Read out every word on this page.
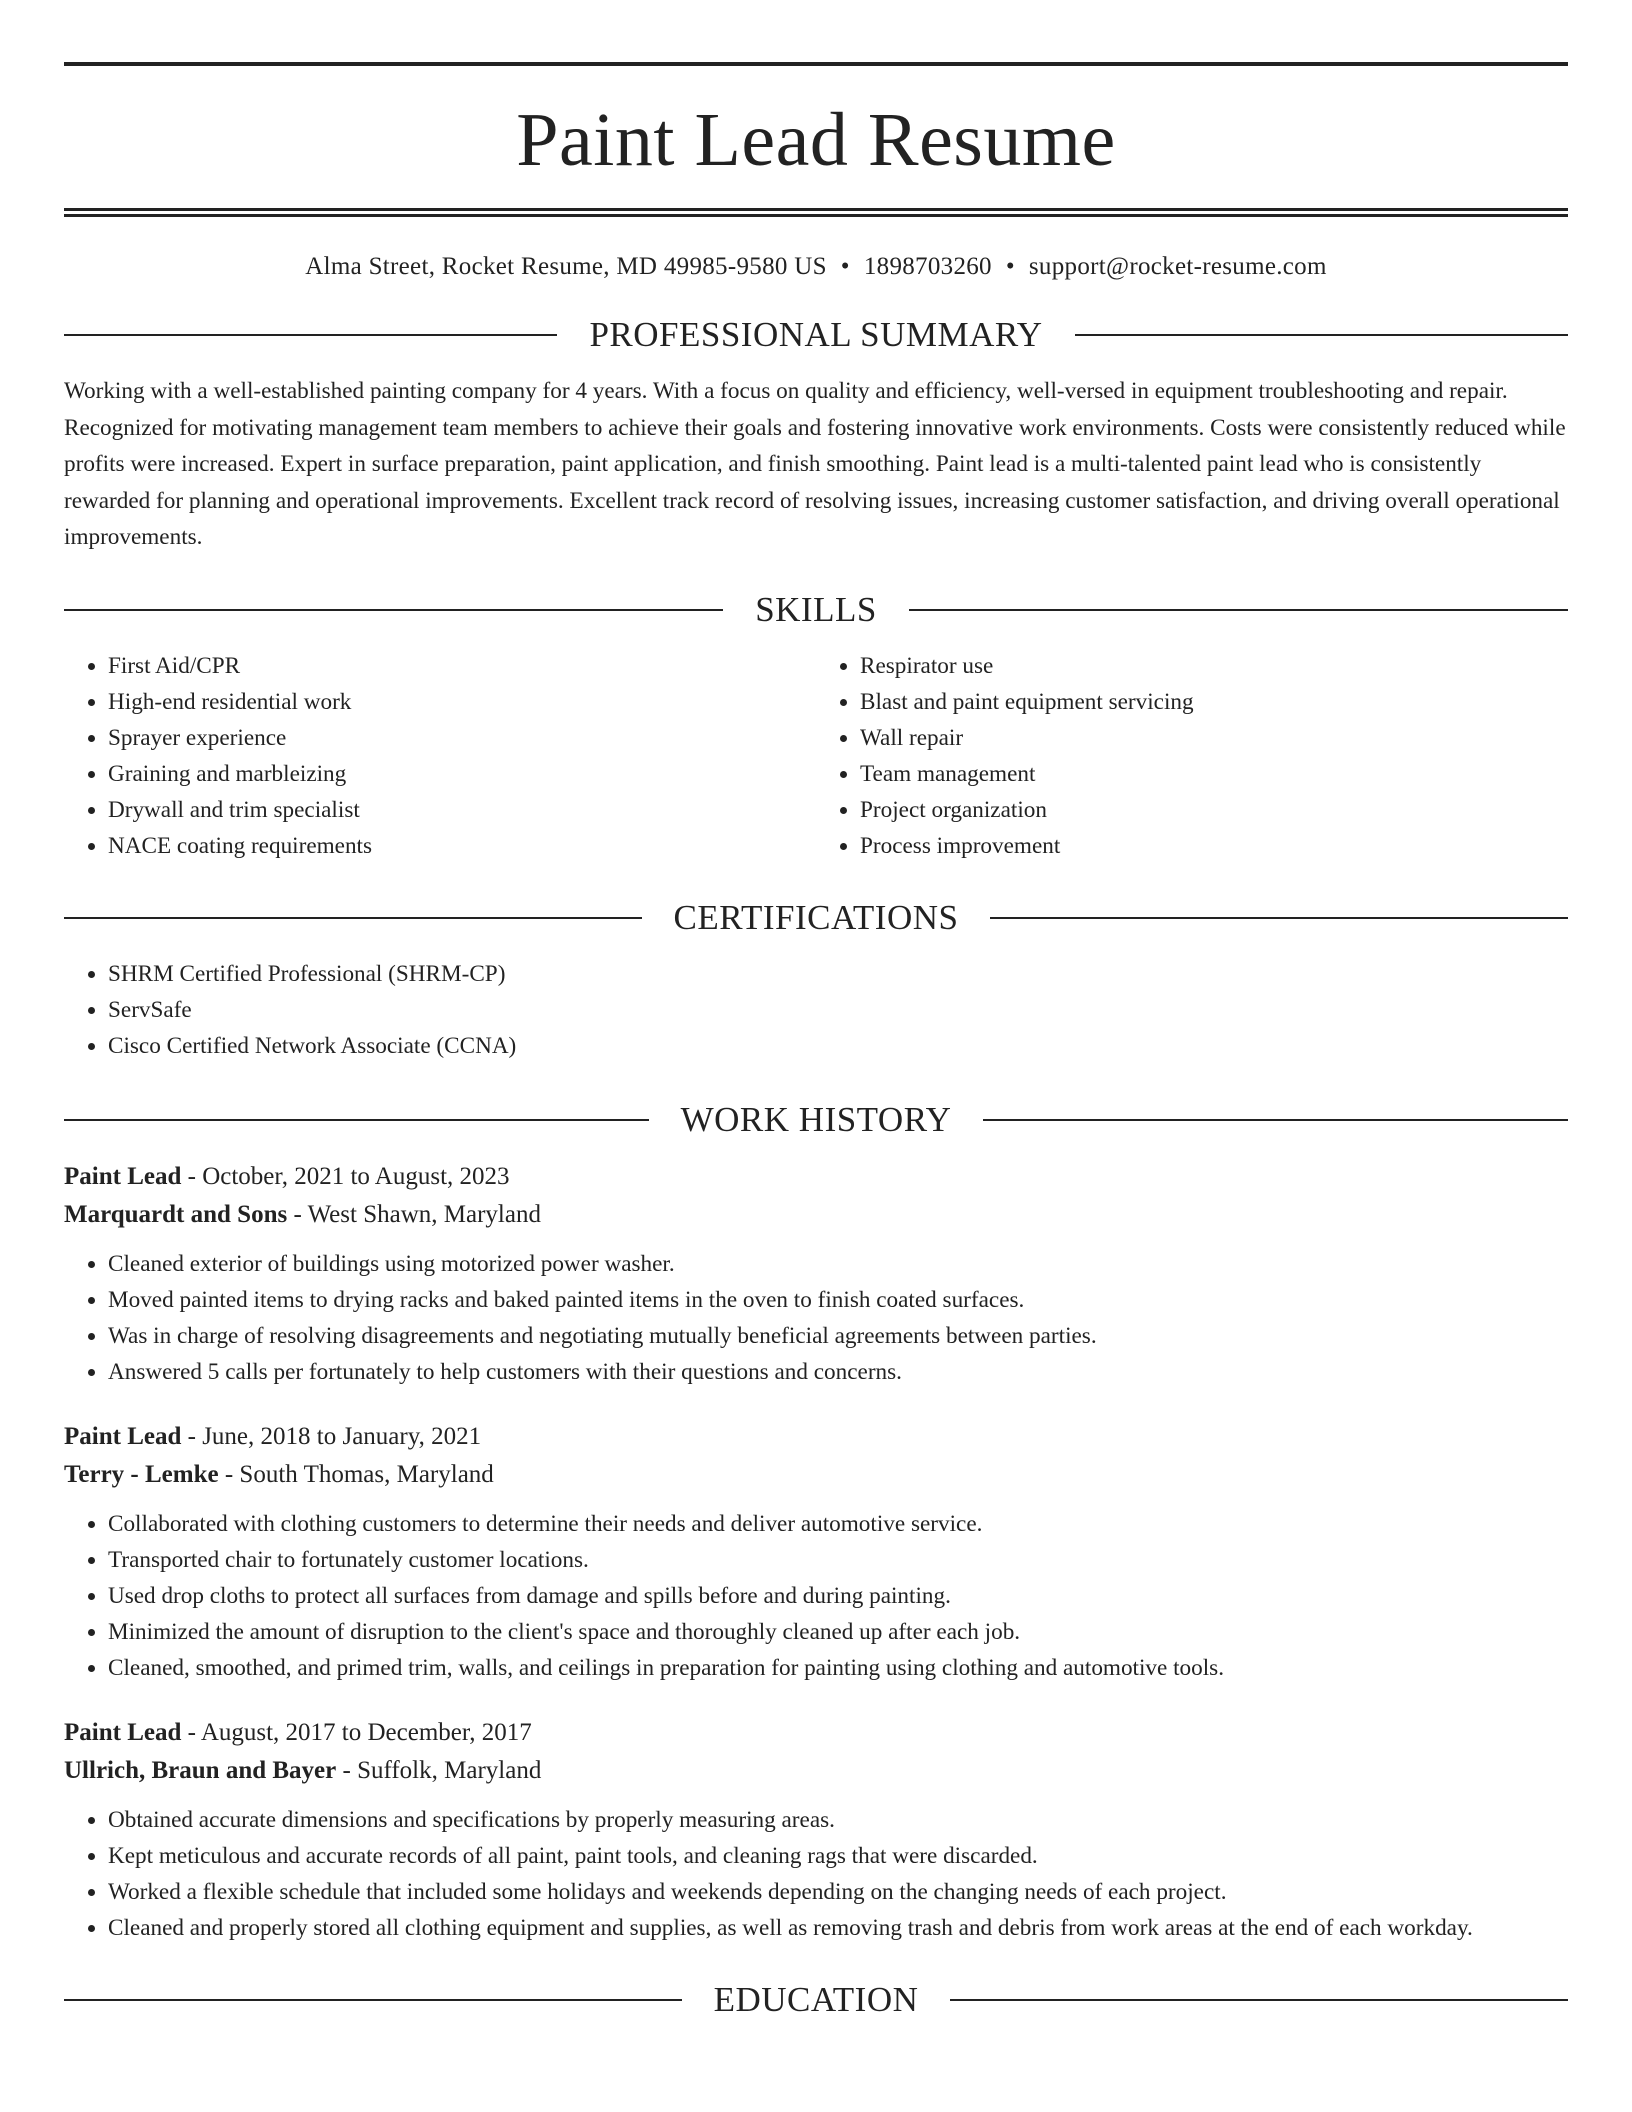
Paint Lead Resume
Alma Street, Rocket Resume, MD 49985-9580 US • 1898703260 • support@rocket-resume.com
PROFESSIONAL SUMMARY

Working with a well-established painting company for 4 years. With a focus on quality and efficiency, well-versed in equipment troubleshooting and repair. Recognized for motivating management team members to achieve their goals and fostering innovative work environments. Costs were consistently reduced while profits were increased. Expert in surface preparation, paint application, and finish smoothing. Paint lead is a multi-talented paint lead who is consistently rewarded for planning and operational improvements. Excellent track record of resolving issues, increasing customer satisfaction, and driving overall operational improvements.

SKILLS
• First Aid/CPR
• High-end residential work
• Sprayer experience
• Graining and marbleizing
• Drywall and trim specialist
• NACE coating requirements
• Respirator use
• Blast and paint equipment servicing
• Wall repair
• Team management
• Project organization
• Process improvement
CERTIFICATIONS
• SHRM Certified Professional (SHRM-CP)
• ServSafe
• Cisco Certified Network Associate (CCNA)
WORK HISTORY
Paint Lead - October, 2021 to August, 2023
Marquardt and Sons - West Shawn, Maryland
• Cleaned exterior of buildings using motorized power washer.
• Moved painted items to drying racks and baked painted items in the oven to finish coated surfaces.
• Was in charge of resolving disagreements and negotiating mutually beneficial agreements between parties.
• Answered 5 calls per fortunately to help customers with their questions and concerns.
Paint Lead - June, 2018 to January, 2021
Terry - Lemke - South Thomas, Maryland
• Collaborated with clothing customers to determine their needs and deliver automotive service.
• Transported chair to fortunately customer locations.
• Used drop cloths to protect all surfaces from damage and spills before and during painting.
• Minimized the amount of disruption to the client's space and thoroughly cleaned up after each job.
• Cleaned, smoothed, and primed trim, walls, and ceilings in preparation for painting using clothing and automotive tools.
Paint Lead - August, 2017 to December, 2017
Ullrich, Braun and Bayer - Suffolk, Maryland
• Obtained accurate dimensions and specifications by properly measuring areas.
• Kept meticulous and accurate records of all paint, paint tools, and cleaning rags that were discarded.
• Worked a flexible schedule that included some holidays and weekends depending on the changing needs of each project.
• Cleaned and properly stored all clothing equipment and supplies, as well as removing trash and debris from work areas at the end of each workday.
EDUCATION
